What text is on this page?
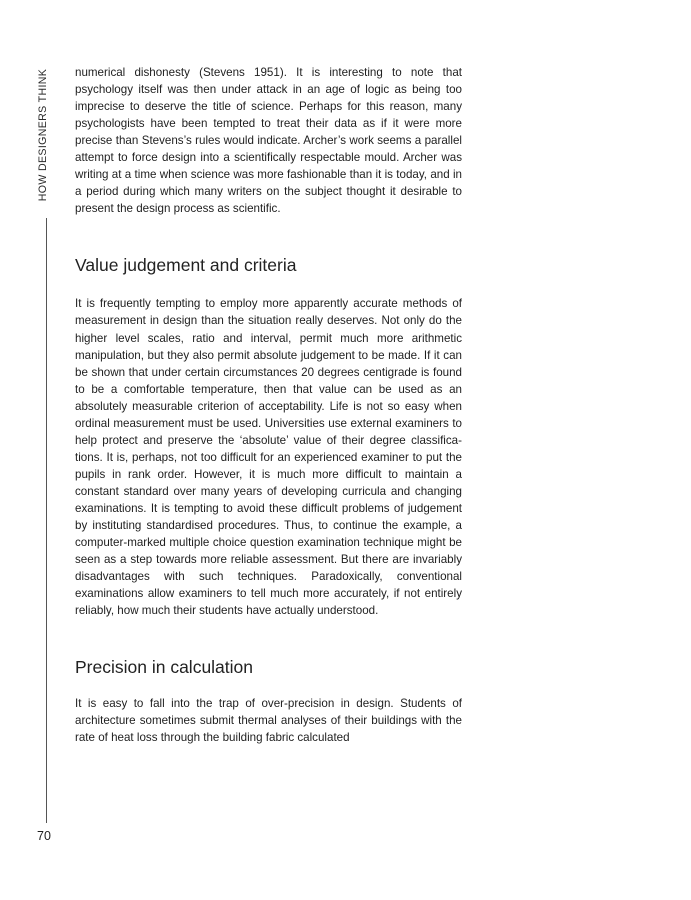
HOW DESIGNERS THINK
70

numerical dishonesty (Stevens 1951). It is interesting to note that psychology itself was then under attack in an age of logic as being too imprecise to deserve the title of science. Perhaps for this reason, many psychologists have been tempted to treat their data as if it were more precise than Stevens’s rules would indicate. Archer’s work seems a parallel attempt to force design into a scientifically respectable mould. Archer was writing at a time when science was more fashionable than it is today, and in a period during which many writers on the subject thought it desirable to present the design process as scientific.

Value judgement and criteria

It is frequently tempting to employ more apparently accurate methods of measurement in design than the situation really deserves. Not only do the higher level scales, ratio and interval, permit much more arithmetic manipulation, but they also permit absolute judgement to be made. If it can be shown that under certain circumstances 20 degrees centigrade is found to be a comfortable temperature, then that value can be used as an absolutely measurable criterion of acceptability. Life is not so easy when ordinal measurement must be used. Universities use external examiners to help protect and preserve the ‘absolute’ value of their degree classifications. It is, perhaps, not too difficult for an experienced examiner to put the pupils in rank order. However, it is much more difficult to maintain a constant standard over many years of developing curricula and changing examinations. It is tempting to avoid these difficult problems of judgement by instituting standardised procedures. Thus, to continue the example, a computer-marked multiple choice question examination technique might be seen as a step towards more reliable assessment. But there are invariably disadvantages with such techniques. Paradoxically, conventional examinations allow examiners to tell much more accurately, if not entirely reliably, how much their students have actually understood.

Precision in calculation

It is easy to fall into the trap of over-precision in design. Students of architecture sometimes submit thermal analyses of their buildings with the rate of heat loss through the building fabric calculated
